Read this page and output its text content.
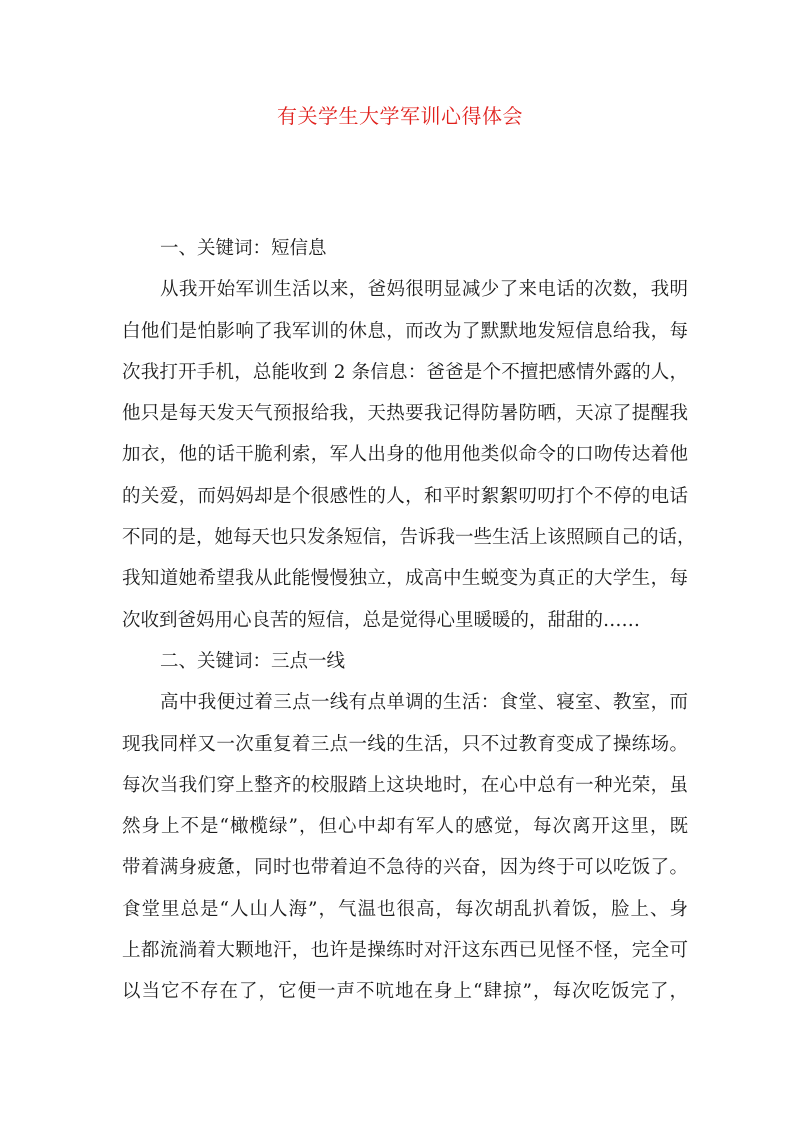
有关学生大学军训心得体会
一、关键词：短信息
从我开始军训生活以来，爸妈很明显减少了来电话的次数，我明
白他们是怕影响了我军训的休息，而改为了默默地发短信息给我，每
次我打开手机，总能收到 2 条信息：爸爸是个不擅把感情外露的人，
他只是每天发天气预报给我，天热要我记得防暑防晒，天凉了提醒我
加衣，他的话干脆利索，军人出身的他用他类似命令的口吻传达着他
的关爱，而妈妈却是个很感性的人，和平时絮絮叨叨打个不停的电话
不同的是，她每天也只发条短信，告诉我一些生活上该照顾自己的话，
我知道她希望我从此能慢慢独立，成高中生蜕变为真正的大学生，每
次收到爸妈用心良苦的短信，总是觉得心里暖暖的，甜甜的……
二、关键词：三点一线
高中我便过着三点一线有点单调的生活：食堂、寝室、教室，而
现我同样又一次重复着三点一线的生活，只不过教育变成了操练场。
每次当我们穿上整齐的校服踏上这块地时，在心中总有一种光荣，虽
然身上不是“橄榄绿”，但心中却有军人的感觉，每次离开这里，既
带着满身疲惫，同时也带着迫不急待的兴奋，因为终于可以吃饭了。
食堂里总是“人山人海”，气温也很高，每次胡乱扒着饭，脸上、身
上都流淌着大颗地汗，也许是操练时对汗这东西已见怪不怪，完全可
以当它不存在了，它便一声不吭地在身上“肆掠”，每次吃饭完了，
